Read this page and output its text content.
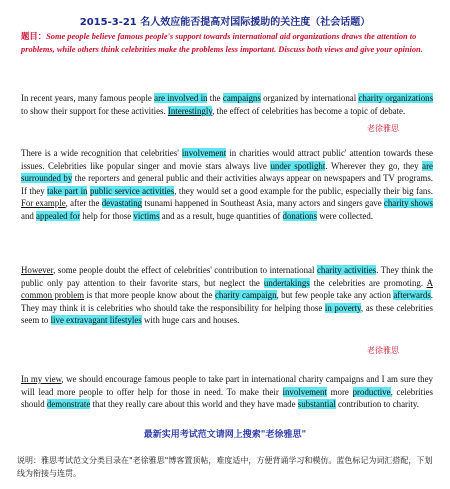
2015-3-21 名人效应能否提高对国际援助的关注度（社会话题）
题目：Some people believe famous people's support towards international aid organizations draws the attention to problems, while others think celebrities make the problems less important. Discuss both views and give your opinion.

In recent years, many famous people are involved in the campaigns organized by international charity organizations to show their support for these activities. Interestingly, the effect of celebrities has become a topic of debate.

老徐雅思

There is a wide recognition that celebrities' involvement in charities would attract public' attention towards these issues. Celebrities like popular singer and movie stars always live under spotlight. Wherever they go, they are surrounded by the reporters and general public and their activities always appear on newspapers and TV programs. If they take part in public service activities, they would set a good example for the public, especially their big fans. For example, after the devastating tsunami happened in Southeast Asia, many actors and singers gave charity shows and appealed for help for those victims and as a result, huge quantities of donations were collected.

However, some people doubt the effect of celebrities' contribution to international charity activities. They think the public only pay attention to their favorite stars, but neglect the undertakings the celebrities are promoting. A common problem is that more people know about the charity campaign, but few people take any action afterwards. They may think it is celebrities who should take the responsibility for helping those in poverty, as these celebrities seem to live extravagant lifestyles with huge cars and houses.

老徐雅思

In my view, we should encourage famous people to take part in international charity campaigns and I am sure they will lead more people to offer help for those in need. To make their involvement more productive, celebrities should demonstrate that they really care about this world and they have made substantial contribution to charity.

最新实用考试范文请网上搜索"老徐雅思"
说明：雅思考试范文分类目录在"老徐雅思"博客置顶帖，难度适中，方便背诵学习和模仿。蓝色标记为词汇搭配，下划线为衔接与连贯。
